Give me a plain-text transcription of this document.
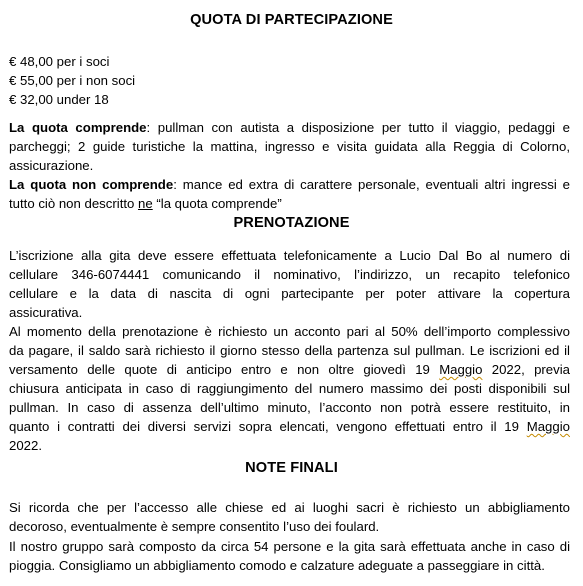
QUOTA DI PARTECIPAZIONE
€ 48,00 per i soci
€ 55,00 per i non soci
€ 32,00 under 18
La quota comprende: pullman con autista a disposizione per tutto il viaggio, pedaggi e
parcheggi; 2 guide turistiche la mattina, ingresso e visita guidata alla Reggia di Colorno,
assicurazione.
La quota non comprende: mance ed extra di carattere personale, eventuali altri ingressi e
tutto ciò non descritto ne “la quota comprende”
PRENOTAZIONE
L’iscrizione alla gita deve essere effettuata telefonicamente a Lucio Dal Bo al numero di
cellulare 346-6074441 comunicando il nominativo, l’indirizzo, un recapito telefonico
cellulare e la data di nascita di ogni partecipante per poter attivare la copertura
assicurativa.
Al momento della prenotazione è richiesto un acconto pari al 50% dell’importo complessivo
da pagare, il saldo sarà richiesto il giorno stesso della partenza sul pullman. Le iscrizioni ed il
versamento delle quote di anticipo entro e non oltre giovedì 19 Maggio 2022, previa
chiusura anticipata in caso di raggiungimento del numero massimo dei posti disponibili sul
pullman. In caso di assenza dell’ultimo minuto, l’acconto non potrà essere restituito, in
quanto i contratti dei diversi servizi sopra elencati, vengono effettuati entro il 19 Maggio
2022.
NOTE FINALI
Si ricorda che per l’accesso alle chiese ed ai luoghi sacri è richiesto un abbigliamento
decoroso, eventualmente è sempre consentito l’uso dei foulard.
Il nostro gruppo sarà composto da circa 54 persone e la gita sarà effettuata anche in caso di
pioggia. Consigliamo un abbigliamento comodo e calzature adeguate a passeggiare in città.
